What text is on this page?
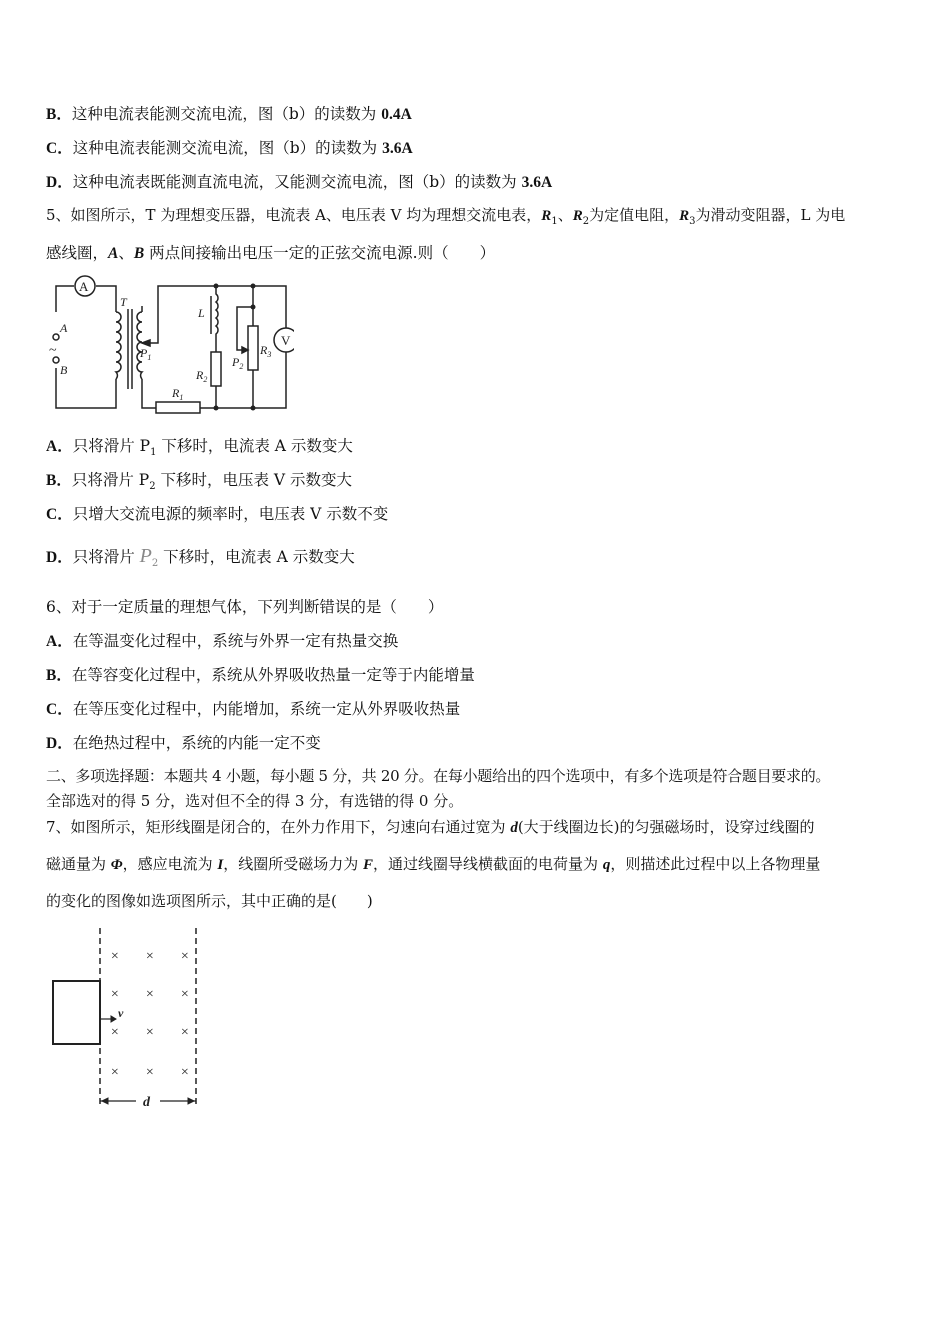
B．这种电流表能测交流电流，图（b）的读数为 0.4A
C．这种电流表能测交流电流，图（b）的读数为 3.6A
D．这种电流表既能测直流电流，又能测交流电流，图（b）的读数为 3.6A
5、如图所示，T 为理想变压器，电流表 A、电压表 V 均为理想交流电表，$R_1$、$R_2$为定值电阻，$R_3$为滑动变阻器，L 为电
感线圈，A、B 两点间接输出电压一定的正弦交流电源.则（　　）
A
~
A
B
T
$P_1$
$R_1$
L
$R_2$
$P_2$
$R_3$
V
A．只将滑片 $P_1$ 下移时，电流表 A 示数变大
B．只将滑片 $P_2$ 下移时，电压表 V 示数变大
C．只增大交流电源的频率时，电压表 V 示数不变
D．只将滑片 $P_2$ 下移时，电流表 A 示数变大
6、对于一定质量的理想气体，下列判断错误的是（　　）
A．在等温变化过程中，系统与外界一定有热量交换
B．在等容变化过程中，系统从外界吸收热量一定等于内能增量
C．在等压变化过程中，内能增加，系统一定从外界吸收热量
D．在绝热过程中，系统的内能一定不变
二、多项选择题：本题共 4 小题，每小题 5 分，共 20 分。在每小题给出的四个选项中，有多个选项是符合题目要求的。
全部选对的得 5 分，选对但不全的得 3 分，有选错的得 0 分。
7、如图所示，矩形线圈是闭合的，在外力作用下，匀速向右通过宽为 d(大于线圈边长)的匀强磁场时，设穿过线圈的
磁通量为 Φ，感应电流为 I，线圈所受磁场力为 F，通过线圈导线横截面的电荷量为 q，则描述此过程中以上各物理量
的变化的图像如选项图所示，其中正确的是(　　)
v
× × ×
× × ×
× × ×
× × ×
d
